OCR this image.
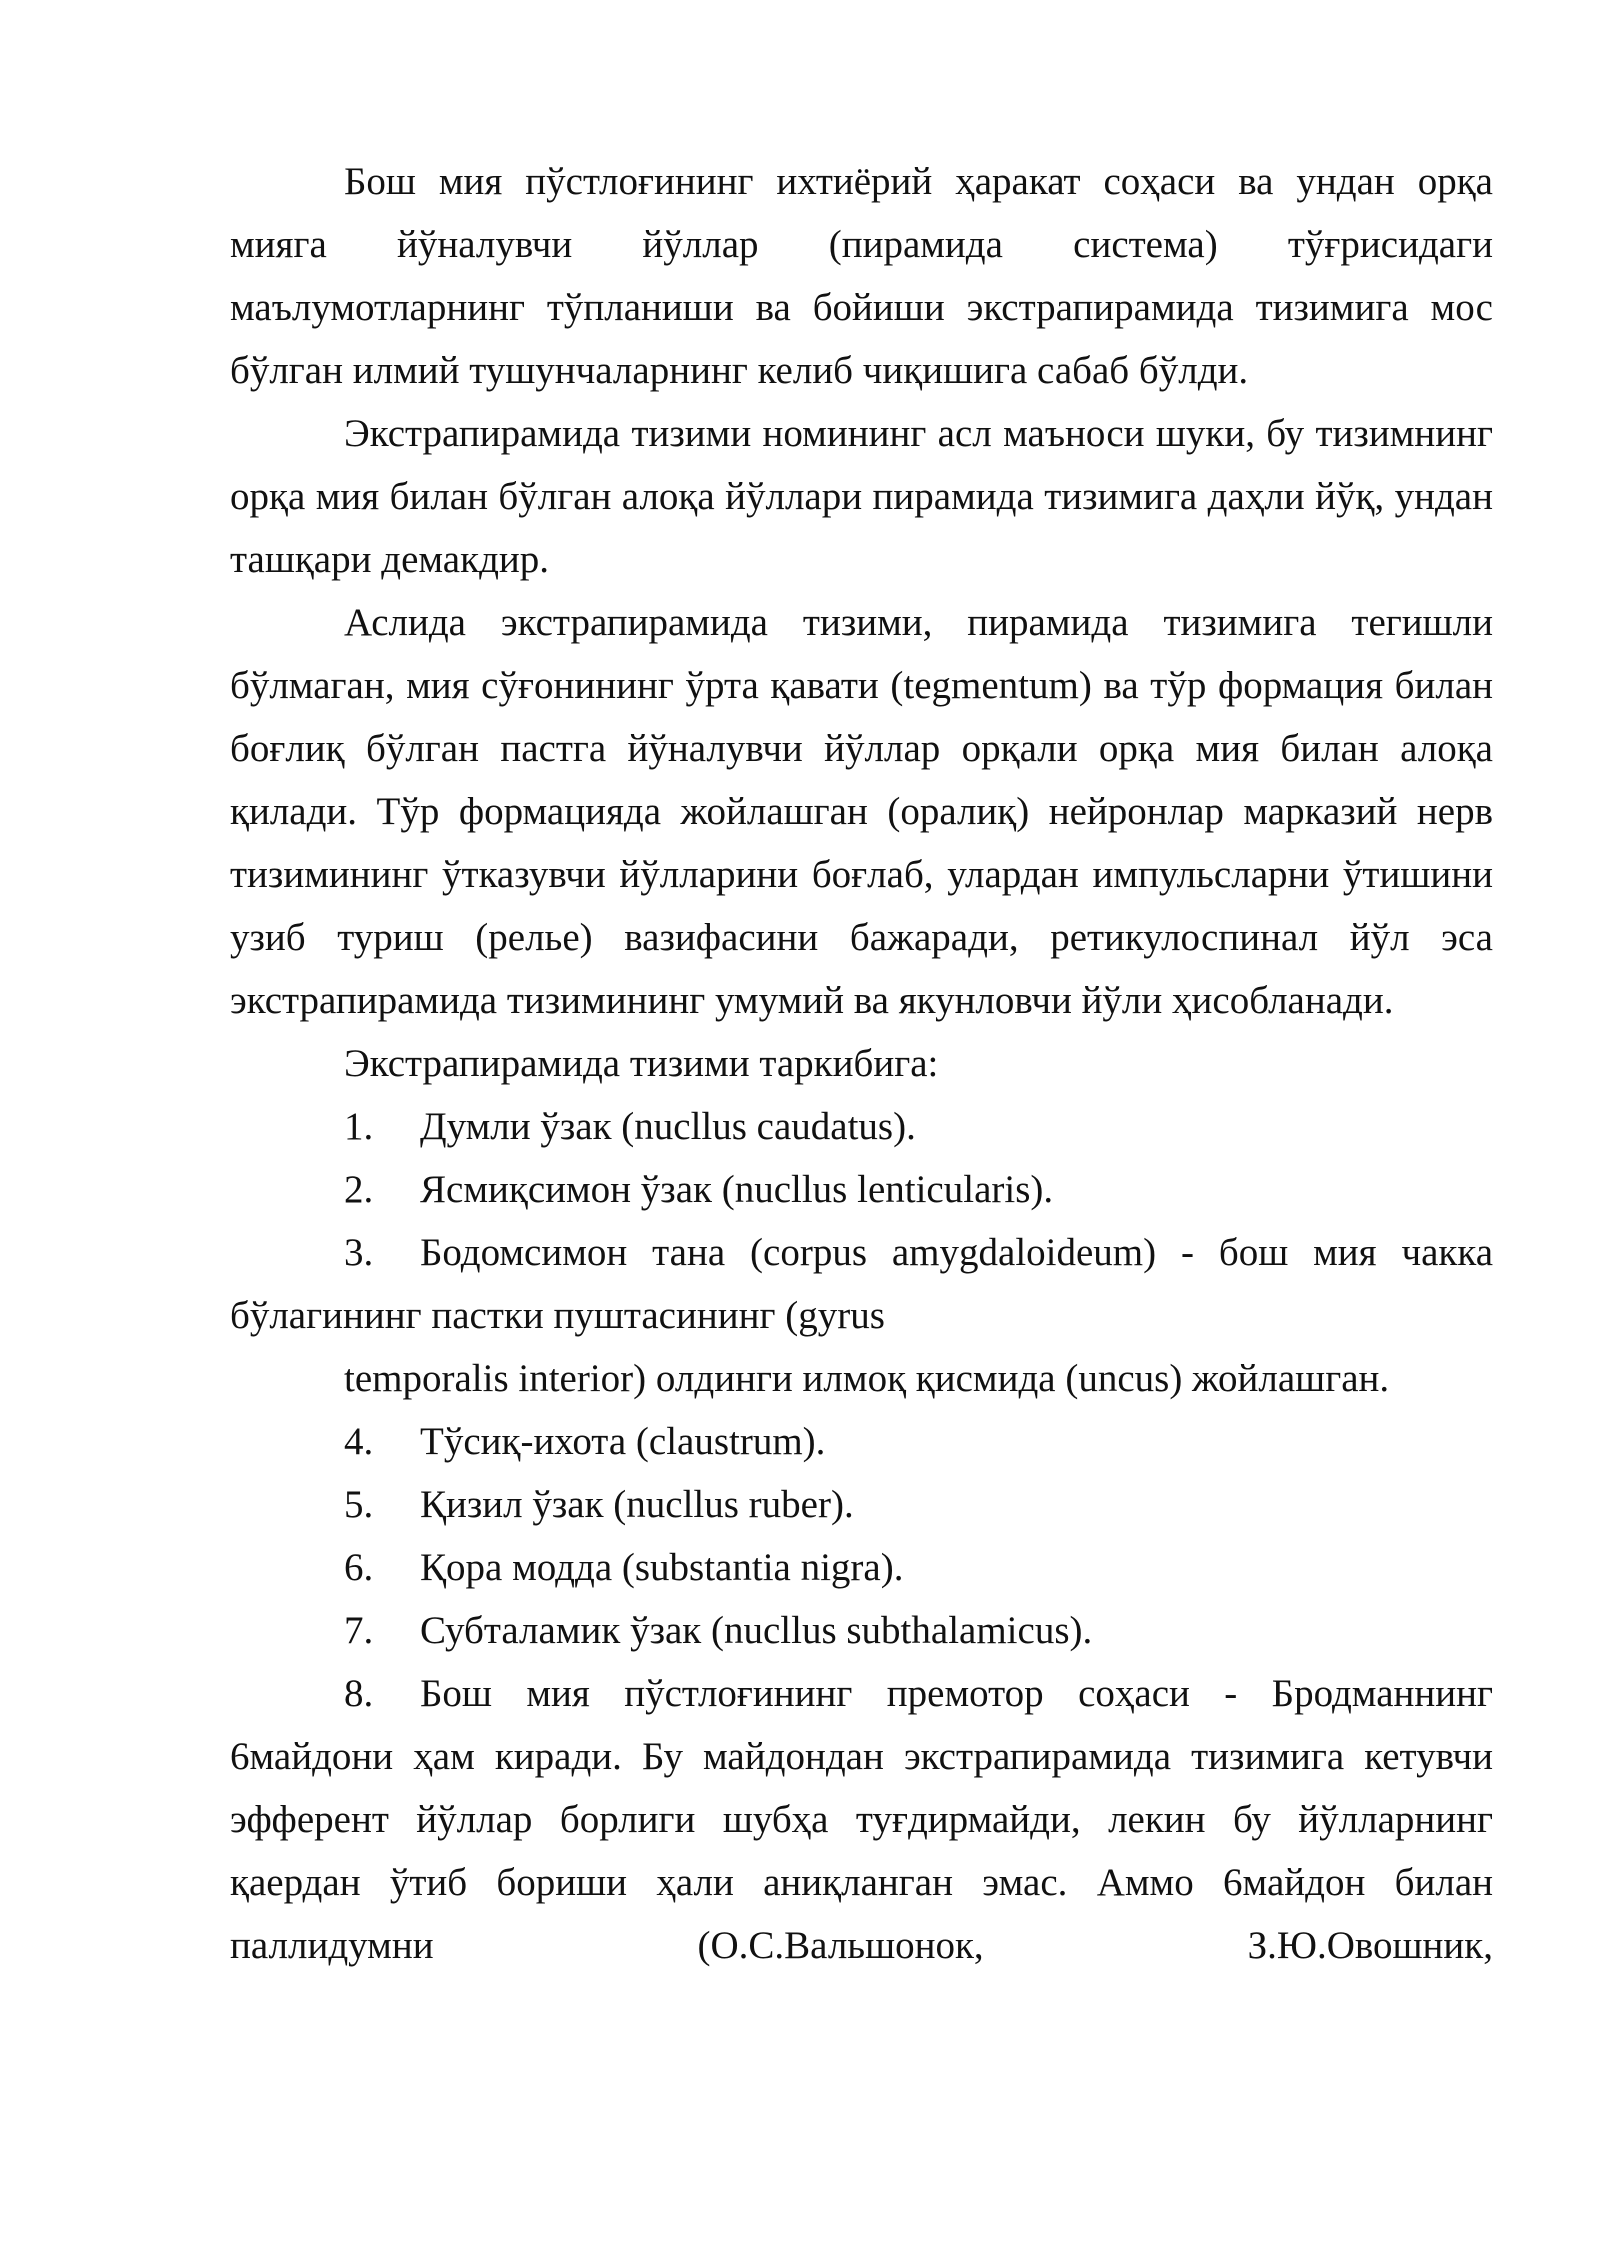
Бош мия пўстлоғининг ихтиёрий ҳаракат соҳаси ва ундан орқа мияга йўналувчи йўллар (пирамида система) тўғрисидаги маълумотларнинг тўпланиши ва бойиши экстрапирамида тизимига мос бўлган илмий тушунчаларнинг келиб чиқишига сабаб бўлди.

Экстрапирамида тизими номининг асл маъноси шуки, бу тизимнинг орқа мия билан бўлган алоқа йўллари пирамида тизимига даҳли йўқ, ундан ташқари демакдир.

Аслида экстрапирамида тизими, пирамида тизимига тегишли бўлмаган, мия сўғонининг ўрта қавати (tegmentum) ва тўр формация билан боғлиқ бўлган пастга йўналувчи йўллар орқали орқа мия билан алоқа қилади. Тўр формацияда жойлашган (оралиқ) нейронлар марказий нерв тизимининг ўтказувчи йўлларини боғлаб, улардан импульсларни ўтишини узиб туриш (релье) вазифасини бажаради, ретикулоспинал йўл эса экстрапирамида тизимининг умумий ва якунловчи йўли ҳисобланади.

Экстрапирамида тизими таркибига:

1. Думли ўзак (nucllus caudatus).

2. Ясмиқсимон ўзак (nucllus lenticularis).

3. Бодомсимон тана (corpus amygdaloideum) - бош мия чакка бўлагининг пастки пуштасининг (gyrus

temporalis interior) олдинги илмоқ қисмида (uncus) жойлашган.

4. Тўсиқ-ихота (claustrum).

5. Қизил ўзак (nucllus ruber).

6. Қора модда (substantia nigra).

7. Субталамик ўзак (nucllus subthalamicus).

8. Бош мия пўстлоғининг премотор соҳаси - Бродманнинг 6майдони ҳам киради. Бу майдондан экстрапирамида тизимига кетувчи эфферент йўллар борлиги шубҳа туғдирмайди, лекин бу йўлларнинг қаердан ўтиб бориши ҳали аниқланган эмас. Аммо 6майдон билан паллидумни (О.С.Вальшонок, З.Ю.Овошник,
